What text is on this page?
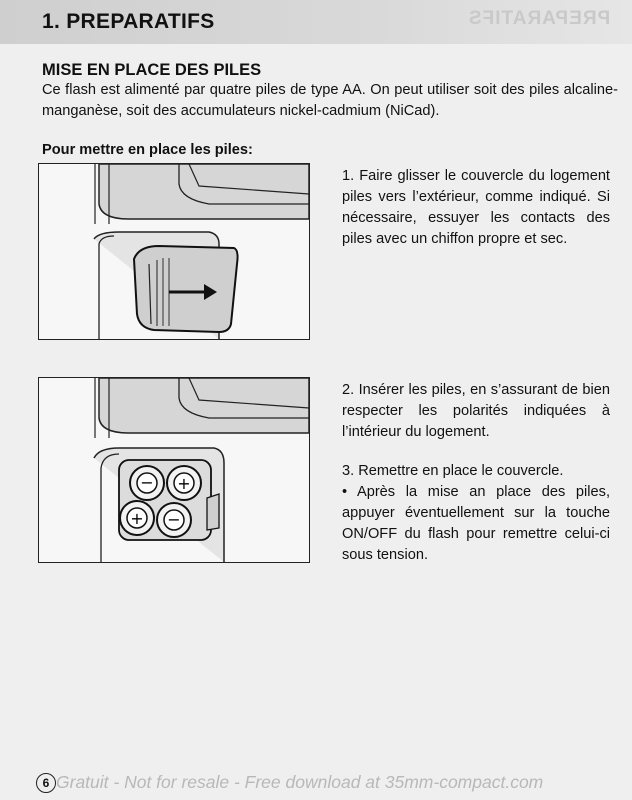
1. PREPARATIFS	PREPARATIFS
MISE EN PLACE DES PILES
Ce flash est alimenté par quatre piles de type AA. On peut utiliser soit des piles alcaline-manganèse, soit des accumulateurs nickel-cadmium (NiCad).
Pour mettre en place les piles:
1. Faire glisser le couvercle du logement piles vers l’extérieur, comme indiqué. Si nécessaire, essuyer les contacts des piles avec un chiffon propre et sec.
− +
+ −
2. Insérer les piles, en s’assurant de bien respecter les polarités indiquées à l’intérieur du logement.
3. Remettre en place le couvercle.
• Après la mise an place des piles, appuyer éventuellement sur la touche ON/OFF du flash pour remettre celui-ci sous tension.
6 Gratuit - Not for resale - Free download at 35mm-compact.com
